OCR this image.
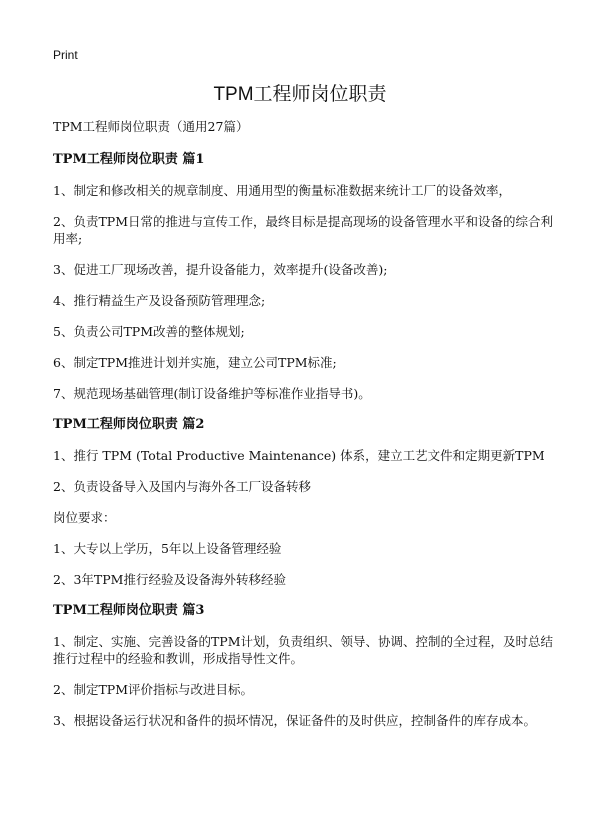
Print
TPM工程师岗位职责
TPM工程师岗位职责（通用27篇）
TPM工程师岗位职责 篇1
1、制定和修改相关的规章制度、用通用型的衡量标准数据来统计工厂的设备效率，
2、负责TPM日常的推进与宣传工作，最终目标是提高现场的设备管理水平和设备的综合利用率;
3、促进工厂现场改善，提升设备能力，效率提升(设备改善);
4、推行精益生产及设备预防管理理念;
5、负责公司TPM改善的整体规划;
6、制定TPM推进计划并实施，建立公司TPM标准;
7、规范现场基础管理(制订设备维护等标准作业指导书)。
TPM工程师岗位职责 篇2
1、推行 TPM (Total Productive Maintenance) 体系，建立工艺文件和定期更新TPM
2、负责设备导入及国内与海外各工厂设备转移
岗位要求：
1、大专以上学历，5年以上设备管理经验
2、3年TPM推行经验及设备海外转移经验
TPM工程师岗位职责 篇3
1、制定、实施、完善设备的TPM计划，负责组织、领导、协调、控制的全过程，及时总结推行过程中的经验和教训，形成指导性文件。
2、制定TPM评价指标与改进目标。
3、根据设备运行状况和备件的损坏情况，保证备件的及时供应，控制备件的库存成本。
